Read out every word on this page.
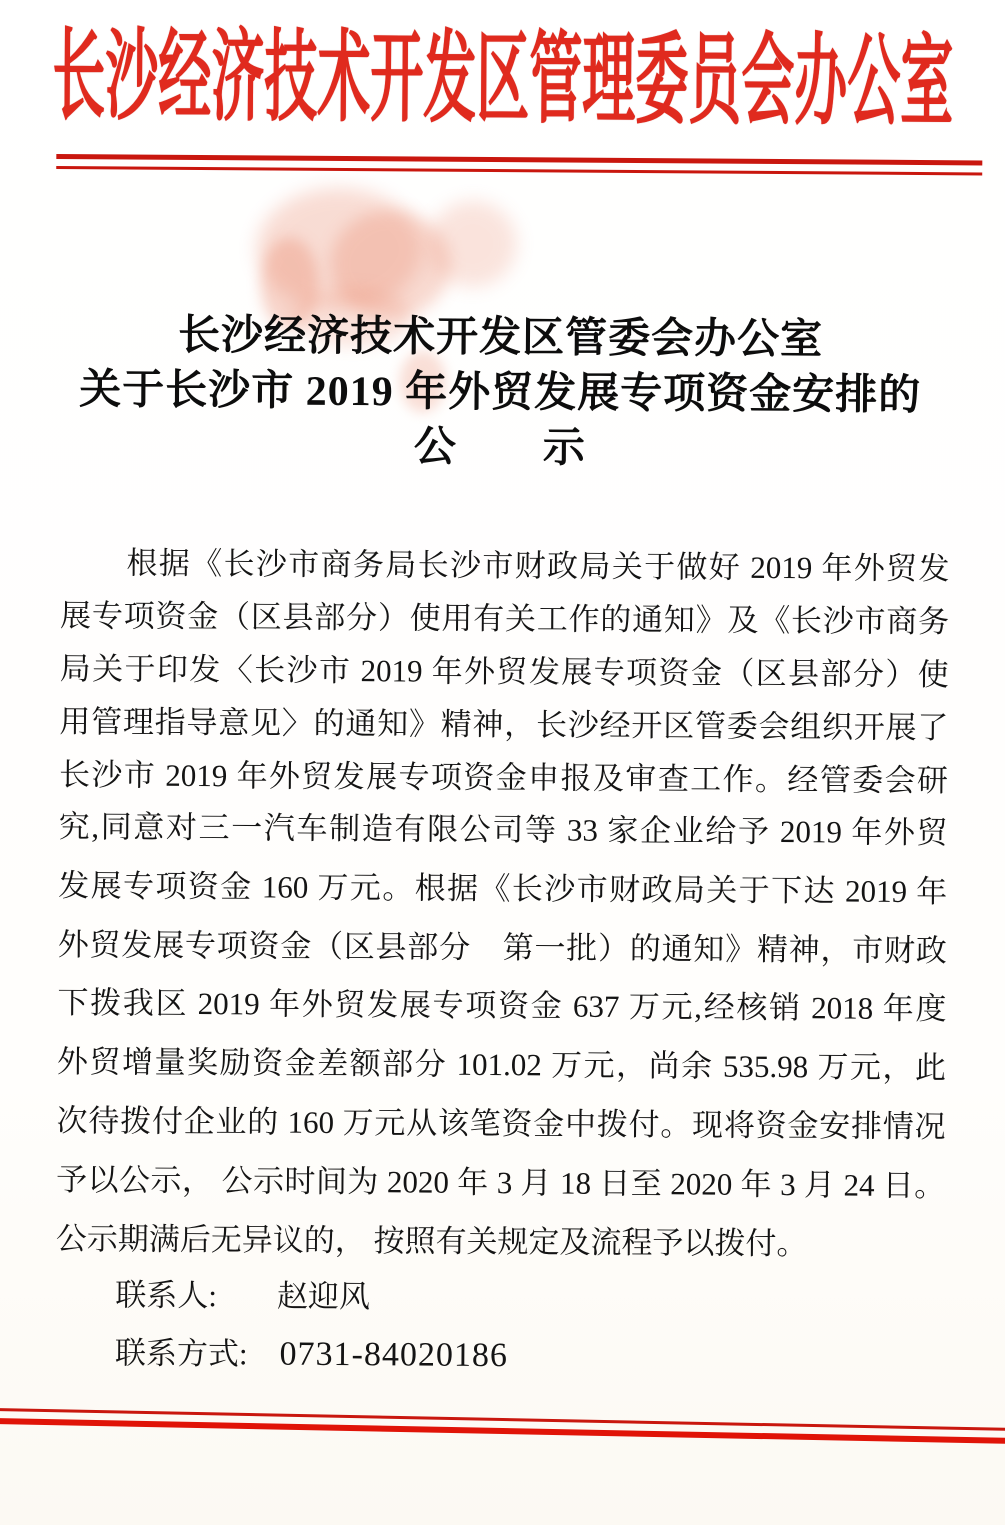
长沙经济技术开发区管理委员会办公室
长沙经济技术开发区管委会办公室
关于长沙市 2019 年外贸发展专项资金安排的
公　　示
根据《长沙市商务局长沙市财政局关于做好 2019 年外贸发
展专项资金（区县部分）使用有关工作的通知》及《长沙市商务
局关于印发〈长沙市 2019 年外贸发展专项资金（区县部分）使
用管理指导意见〉的通知》精神，长沙经开区管委会组织开展了
长沙市 2019 年外贸发展专项资金申报及审查工作。经管委会研
究,同意对三一汽车制造有限公司等 33 家企业给予 2019 年外贸
发展专项资金 160 万元。根据《长沙市财政局关于下达 2019 年
外贸发展专项资金（区县部分　第一批）的通知》精神，市财政
下拨我区 2019 年外贸发展专项资金 637 万元,经核销 2018 年度
外贸增量奖励资金差额部分 101.02 万元，尚余 535.98 万元，此
次待拨付企业的 160 万元从该笔资金中拨付。现将资金安排情况
予以公示， 公示时间为 2020 年 3 月 18 日至 2020 年 3 月 24 日。
公示期满后无异议的， 按照有关规定及流程予以拨付。
联系人: 赵迎风
联系方式: 0731-84020186
